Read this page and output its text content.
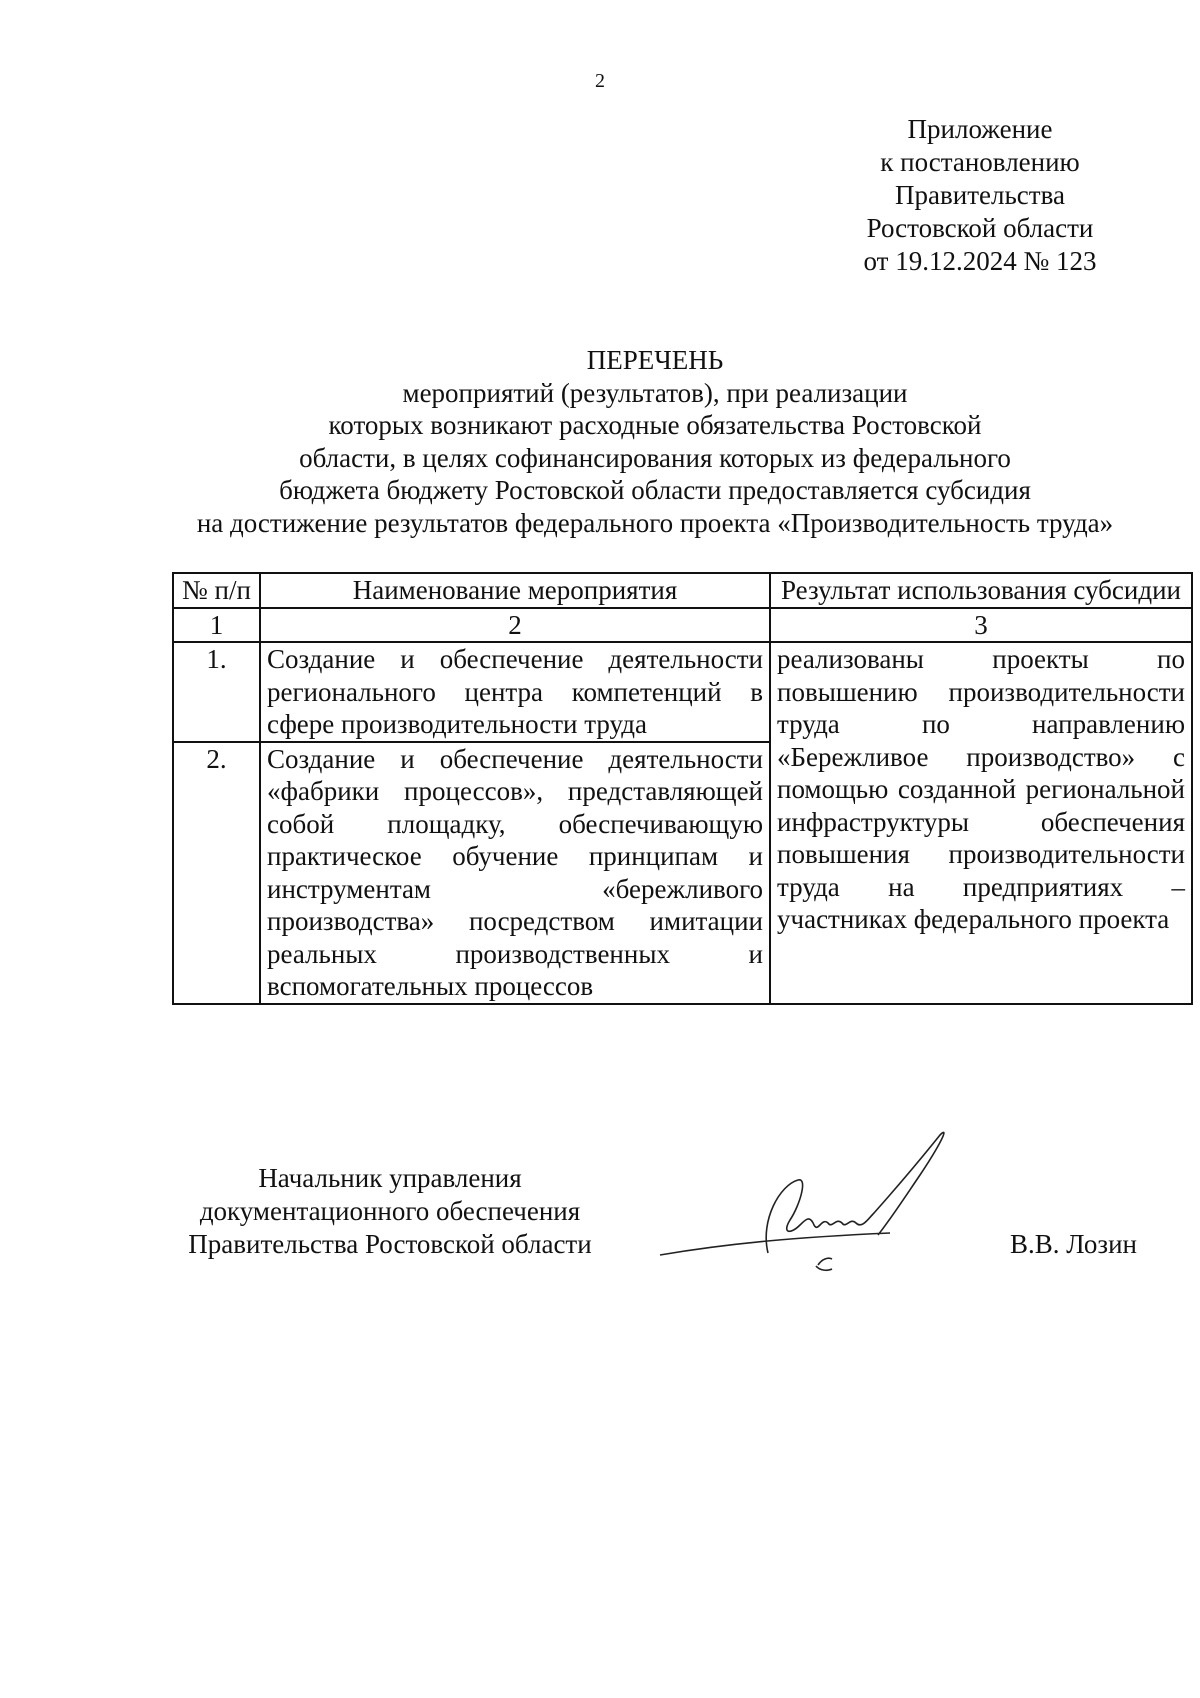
2
Приложение
к постановлению
Правительства
Ростовской области
от 19.12.2024 № 123
ПЕРЕЧЕНЬ
мероприятий (результатов), при реализации
которых возникают расходные обязательства Ростовской
области, в целях софинансирования которых из федерального
бюджета бюджету Ростовской области предоставляется субсидия
на достижение результатов федерального проекта «Производительность труда»
№ п/п	Наименование мероприятия	Результат использования субсидии
1	2	3
1.	Создание и обеспечение деятельности регионального центра компетенций в сфере производительности труда	реализованы проекты по повышению производительности труда по направлению «Бережливое производство» с помощью созданной региональной инфраструктуры обеспечения повышения производительности труда на предприятиях – участниках федерального проекта
2.	Создание и обеспечение деятельности «фабрики процессов», представляющей собой площадку, обеспечивающую практическое обучение принципам и инструментам «бережливого производства» посредством имитации реальных производственных и вспомогательных процессов	
Начальник управления
документационного обеспечения
Правительства Ростовской области	В.В. Лозин
